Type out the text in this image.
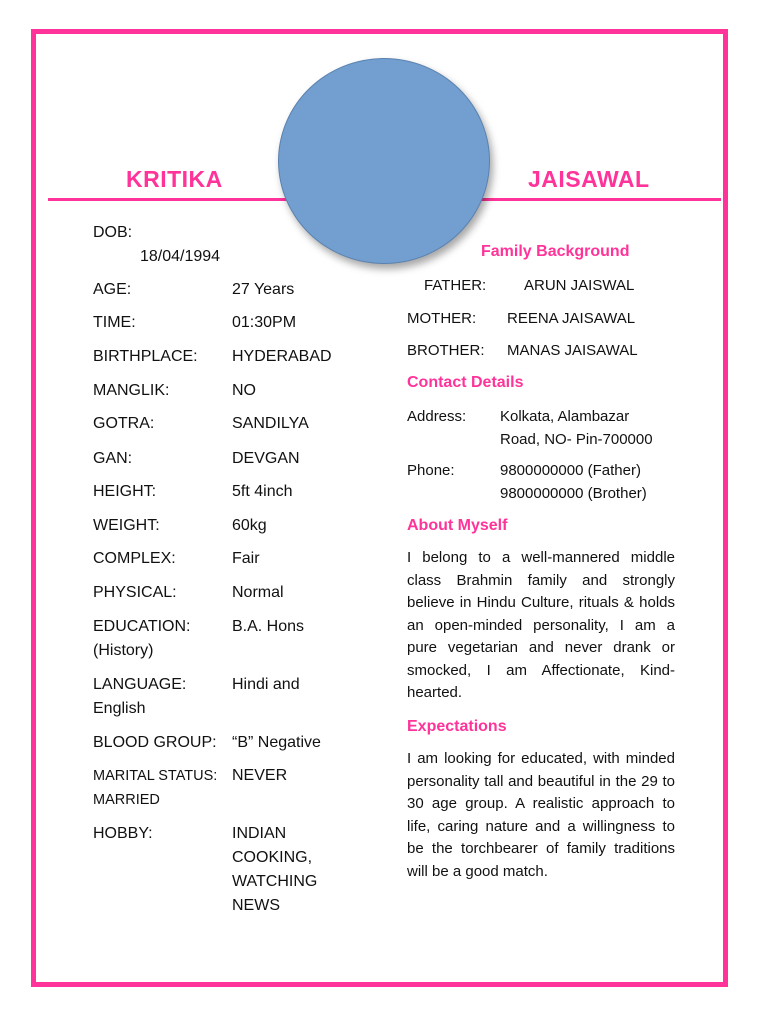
KRITIKA	JAISAWAL
DOB:
18/04/1994
AGE:	27 Years
TIME:	01:30PM
BIRTHPLACE: HYDERABAD
MANGLIK:	NO
GOTRA:	SANDILYA
GAN:	DEVGAN
HEIGHT:	5ft 4inch
WEIGHT:	60kg
COMPLEX:	Fair
PHYSICAL:	Normal
EDUCATION:	B.A. Hons
(History)
LANGUAGE:	Hindi and
English
BLOOD GROUP: “B” Negative
MARITAL STATUS: NEVER
MARRIED
HOBBY:	INDIAN
COOKING,
WATCHING
NEWS
Family Background
FATHER:	ARUN JAISWAL
MOTHER: REENA JAISAWAL
BROTHER: MANAS JAISAWAL
Contact Details
Address: Kolkata, Alambazar
Road, NO- Pin-700000
Phone:	9800000000 (Father)
9800000000 (Brother)
About Myself
I belong to a well-mannered middle class Brahmin family and strongly believe in Hindu Culture, rituals & holds an open-minded personality, I am a pure vegetarian and never drank or smocked, I am Affectionate, Kind-hearted.
Expectations
I am looking for educated, with minded personality tall and beautiful in the 29 to 30 age group. A realistic approach to life, caring nature and a willingness to be the torchbearer of family traditions will be a good match.
